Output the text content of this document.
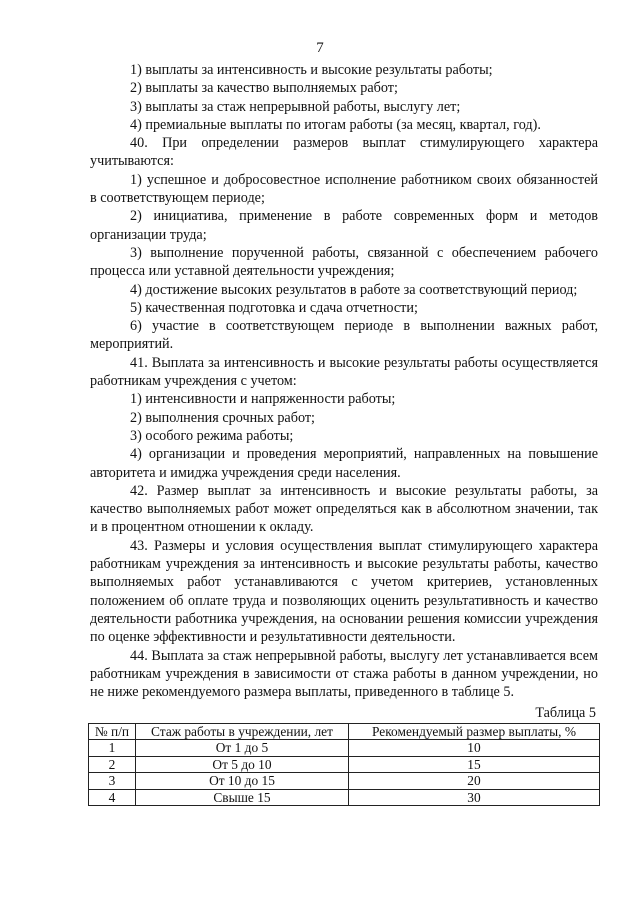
7

1) выплаты за интенсивность и высокие результаты работы;

2) выплаты за качество выполняемых работ;

3) выплаты за стаж непрерывной работы, выслугу лет;

4) премиальные выплаты по итогам работы (за месяц, квартал, год).

40. При определении размеров выплат стимулирующего характера учитываются:

1) успешное и добросовестное исполнение работником своих обязанностей в соответствующем периоде;

2) инициатива, применение в работе современных форм и методов организации труда;

3) выполнение порученной работы, связанной с обеспечением рабочего процесса или уставной деятельности учреждения;

4) достижение высоких результатов в работе за соответствующий период;

5) качественная подготовка и сдача отчетности;

6) участие в соответствующем периоде в выполнении важных работ, мероприятий.

41. Выплата за интенсивность и высокие результаты работы осуществляется работникам учреждения с учетом:

1) интенсивности и напряженности работы;

2) выполнения срочных работ;

3) особого режима работы;

4) организации и проведения мероприятий, направленных на повышение авторитета и имиджа учреждения среди населения.

42. Размер выплат за интенсивность и высокие результаты работы, за качество выполняемых работ может определяться как в абсолютном значении, так и в процентном отношении к окладу.

43. Размеры и условия осуществления выплат стимулирующего характера работникам учреждения за интенсивность и высокие результаты работы, качество выполняемых работ устанавливаются с учетом критериев, установленных положением об оплате труда и позволяющих оценить результативность и качество деятельности работника учреждения, на основании решения комиссии учреждения по оценке эффективности и результативности деятельности.

44. Выплата за стаж непрерывной работы, выслугу лет устанавливается всем работникам учреждения в зависимости от стажа работы в данном учреждении, но не ниже рекомендуемого размера выплаты, приведенного в таблице 5.

Таблица 5
№ п/п	Стаж работы в учреждении, лет	Рекомендуемый размер выплаты, %
1	От 1 до 5	10
2	От 5 до 10	15
3	От 10 до 15	20
4	Свыше 15	30
